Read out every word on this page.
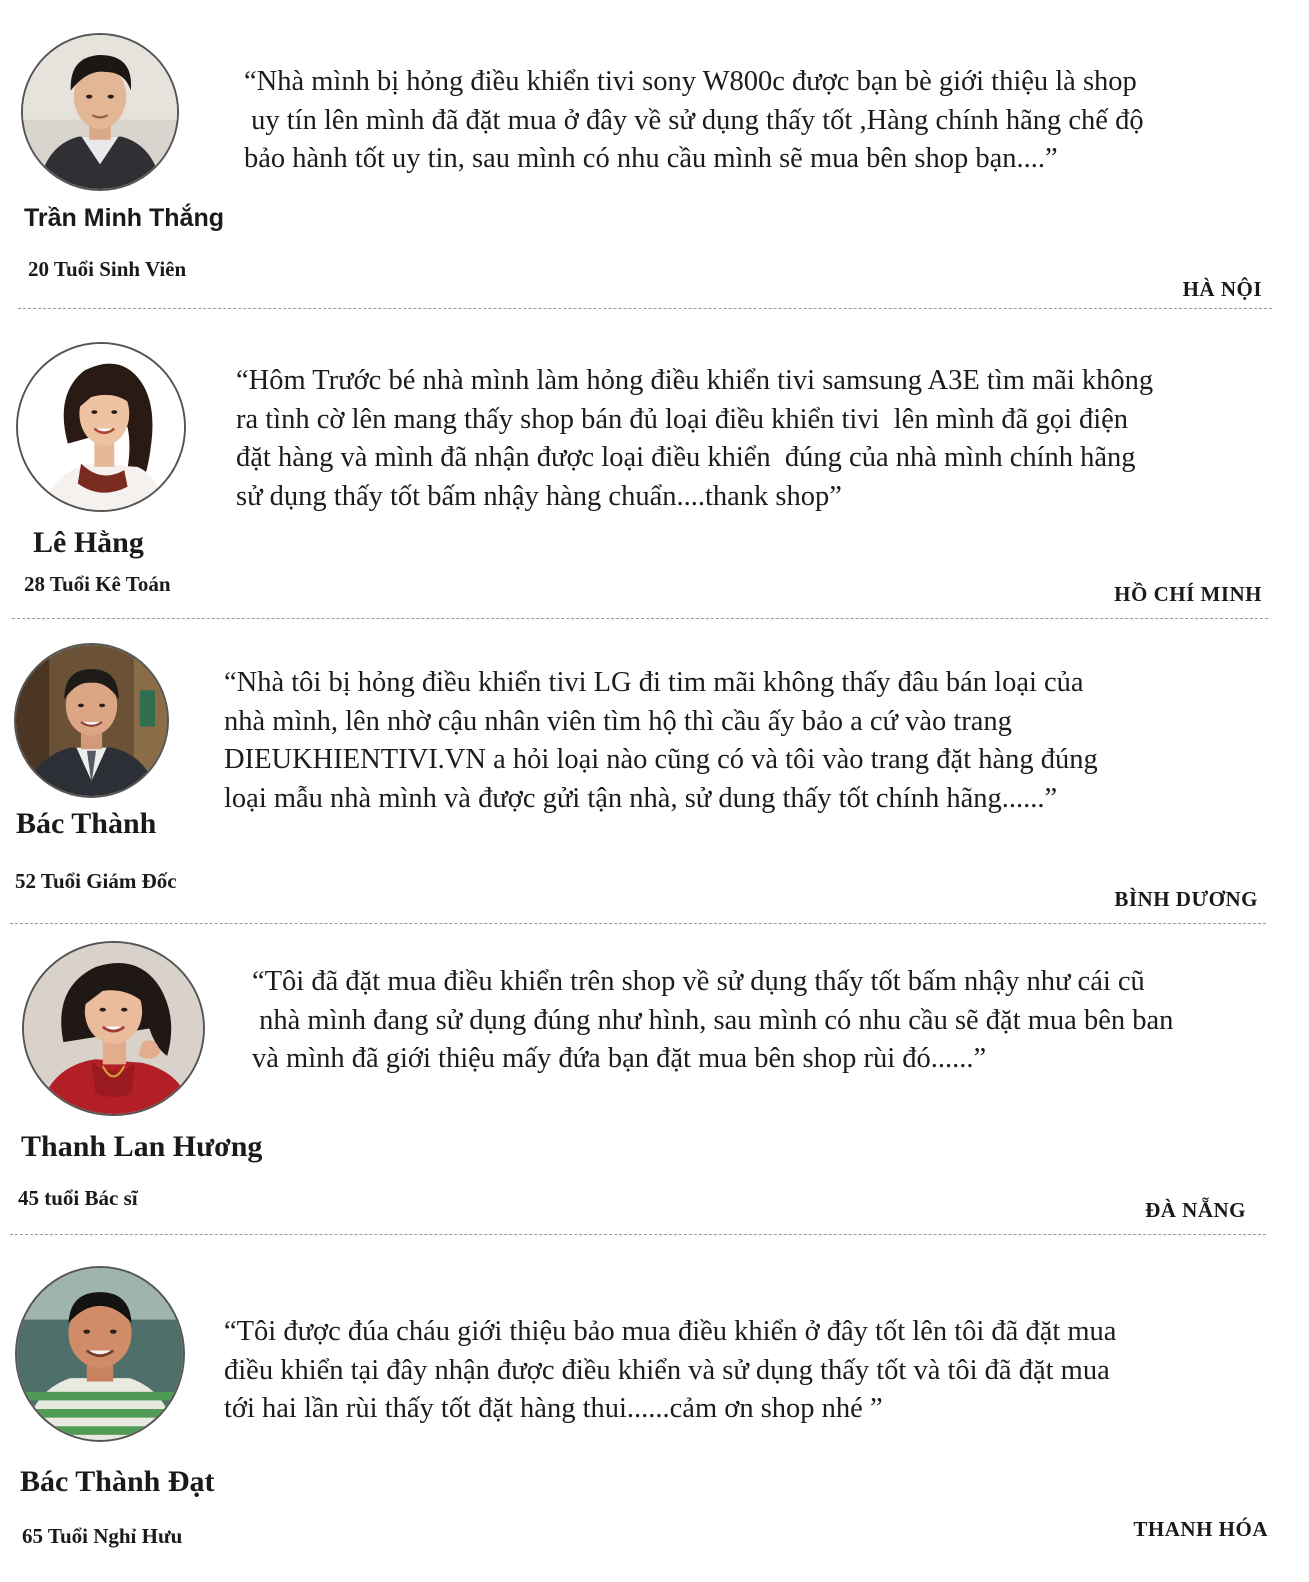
Trần Minh Thắng
20 Tuổi Sinh Viên

“Nhà mình bị hỏng điều khiển tivi sony W800c được bạn bè giới thiệu là shop
uy tín lên mình đã đặt mua ở đây về sử dụng thấy tốt ,Hàng chính hãng chế độ
bảo hành tốt uy tin, sau mình có nhu cầu mình sẽ mua bên shop bạn....”

HÀ NỘI
Lê Hằng
28 Tuổi Kê Toán

“Hôm Trước bé nhà mình làm hỏng điều khiển tivi samsung A3E tìm mãi không
ra tình cờ lên mang thấy shop bán đủ loại điều khiển tivi  lên mình đã gọi điện
đặt hàng và mình đã nhận được loại điều khiển  đúng của nhà mình chính hãng
sử dụng thấy tốt bấm nhậy hàng chuẩn....thank shop”

HỒ CHÍ MINH
Bác Thành
52 Tuổi Giám Đốc

“Nhà tôi bị hỏng điều khiển tivi LG đi tim mãi không thấy đâu bán loại của
nhà mình, lên nhờ cậu nhân viên tìm hộ thì cầu ấy bảo a cứ vào trang
DIEUKHIENTIVI.VN a hỏi loại nào cũng có và tôi vào trang đặt hàng đúng
loại mẫu nhà mình và được gửi tận nhà, sử dung thấy tốt chính hãng......”

BÌNH DƯƠNG
Thanh Lan Hương
45 tuổi Bác sĩ

“Tôi đã đặt mua điều khiển trên shop về sử dụng thấy tốt bấm nhậy như cái cũ
nhà mình đang sử dụng đúng như hình, sau mình có nhu cầu sẽ đặt mua bên ban
và mình đã giới thiệu mấy đứa bạn đặt mua bên shop rùi đó......”

ĐÀ NẴNG
Bác Thành Đạt
65 Tuổi Nghỉ Hưu

“Tôi được đúa cháu giới thiệu bảo mua điều khiển ở đây tốt lên tôi đã đặt mua
điều khiển tại đây nhận được điều khiển và sử dụng thấy tốt và tôi đã đặt mua
tới hai lần rùi thấy tốt đặt hàng thui......cảm ơn shop nhé ”

THANH HÓA
